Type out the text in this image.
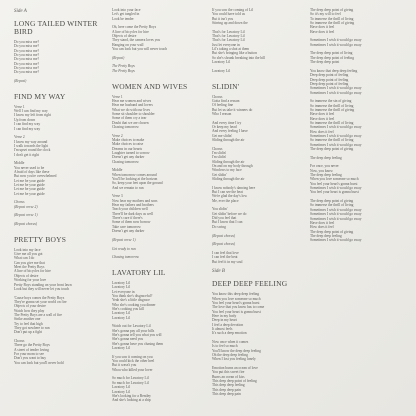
Side A
LONG TAILED WINTER BIRD
Do you miss me?
Do you miss me?
Do you miss me?
Do you miss me?
Do you miss me?
Do you miss me?
Do you miss me?
Do you miss me?
(Repeat)
FIND MY WAY
Verse 1
Well I can find my way
I know my left from right
Up from down
I can find my way
I can find my way
Verse 2
I know my way around
I walk towards the light
I'm upset round the clock
I don't get it right
Middle
You never used to be
Afraid of days like these
But now you're overwhelmed
Let me be your guide
Let me be your guide
Let me be your guide
Let me be your guide
Chorus
(Repeat verse 2)
(Repeat verse 1)
(Repeat chorus)
PRETTY BOYS
Look into my face
Give me all you got
What can I do
Can you give me that
Meet the Pretty Boys
A line of bicycles for hire
Objects of desire
Working for your love
Pretty Boys standing on your front lawn
Look but they will never let you touch
'Cause boys comes the Pretty Boys
They're gonna set your world on fire
Objects of your desire
Watch how they play
The Pretty Boys are a wall of fire
Strike another one
Try to feel that high
They got nowhere to run
Don't put up a fight
Chorus
There go the Pretty Boys
A street of tender loving
For your mom to see
Don't you want to buy
You can look but you'll never hold
Look into your face
Let's get tangled in
Look be tender
Oh, here come the Pretty Boys
A line of bicycles for hire
Objects of desire
They stand, the camera loves you
Hanging on your wall
You can look but you will never touch
(Repeat)
The Pretty Boys
The Pretty Boys
WOMEN AND WIVES
Verse 1
Hear me women and wives
Hear me husband and lovers
What we do with our lives
Some sit shoulder to shoulder
Some of them cry a tear
Doubt that we are chosen
Chasing tomorrow
Verse 2
Make choices to make
Make choices to raise
Dreams in our hearts
Laughter turned to sorrow
Doesn't get any darker
Chasing tomorrow
Middle
When tomorrow comes around
You'll be looking at the horizon
So, keep your feet upon the ground
And we remain to run
Verse 3
Now hear my mothers and sons
Hear my fathers and brothers
Teach your children well
There'll be dark days as well
There's care if there's
Some of them now borrow
Take care tomorrow
Doesn't get any darker
(Repeat verse 1)
Get ready to run
Chasing tomorrow
LAVATORY LIL
Lavatory Lil
Lavatory Lil
Let everyone in
You think she's disgraceful?
Yeah she's a little disgrace
Who she's cooking you dinner
She's cooking you kill
Lavatory Lil
Lavatory Lil
Watch out for Lavatory Lil
She's gonna pay all your bills
She's gonna tell you what you will
She's gonna need you
She's gonna have you chasing them
Lavatory Lil
If you saw it coming on you
You could kick the other heel
But it wasn't you
Whoa who killed your lover
So much for Lavatory Lil
So much for Lavatory Lil
Lavatory Lil
Lavatory Lil
She's looking for a Bentley
And she's looking at a ship
If you saw the coming of Lil
You could have told us
But it isn't you
Stirring up and down the
That's for Lavatory Lil
That's for Lavatory Lil
That's for Lavatory Lil
Just let everyone in
Lil's taking a shot at them
But she's bringing like a button
So she's shrunk breaking into the hill
Lavatory Lil
Lavatory Lil
SLIDIN'
Chorus
Gotta find a reason
Of feeling fine
But let us take it winners do
Who I reason
And every time I try
Or keep my head
And every feeling I have
Get me slidin'
Sliding through the air
Chorus
I'm slidin'
I'm slidin'
Sliding through the air
On and on my body through
Windows to my face
Get slidin'
Sliding through the air
I know nobody's dancing here
But I can see the beat
We're glad the day's low
Me, ever the place
You slidin'
Get slidin' before we do
Did you feel that
But I know that I can
Do swing
(Repeat chorus)
(Repeat chorus)
I can feel that love
I can feel the beat
But feel it in my soul
Side B
DEEP DEEP FEELING
You know this deep deep feeling
When you love someone so much
You feel your heart's gonna burst
The love that you know has to come
You feel your heart is gonna burst
Here in my body
Deep in my heart
I feel a deep devotion
It almost feels
It's such a deep emotion
Now once when it comes
Is to feel so much
You'll know the deep deep feeling
Oh the deep deep feeling
When I lost you feeling lonely
Emotion burns an ocean of love
You put this sweet fire
Burns an ocean of kiss
This deep deep point of feeling
This deep deep feeling
This deep deep pain
This deep deep pain
The deep deep point of giving
So it's my will to feel
To immerse the thrill of living
So immerse the thrill of giving
Have does it feel
Have does it feel
Sometimes I wish it would go away
Sometimes I wish it would go away
The deep deep point of living
The deep deep point of feeling
The deep deep point
You know that deep deep feeling
Deep deep point of feeling
Deep deep point of feeling
Deep deep point of feeling
Sometimes I wish it would go away
Sometimes I wish it would go away
So immerse the sin of giving
So immerse the thrill of living
So immerse the thrill of giving
Have does it feel
Have does it feel
So immerse the thrill of living
Sometimes I wish it would go away
How does it feel
Sometimes I wish it would go away
So immerse the thrill of living
Sometimes I wish it would go away
The deep deep point of giving
The deep deep feeling
For once, you never
Now, you know
The deep deep feeling
When you love someone so much
You feel your heart's gonna burst
Sometimes I wish it would go away
You feel your heart is gonna burst
The deep deep point of giving
So immerse the thrill of living
Sometimes I wish it would go away
Sometimes I wish it would go away
Sometimes I wish it would go away
Have does it feel
How does it feel
The deep deep point of giving
The deep deep feeling
Sometimes I wish it would go away
